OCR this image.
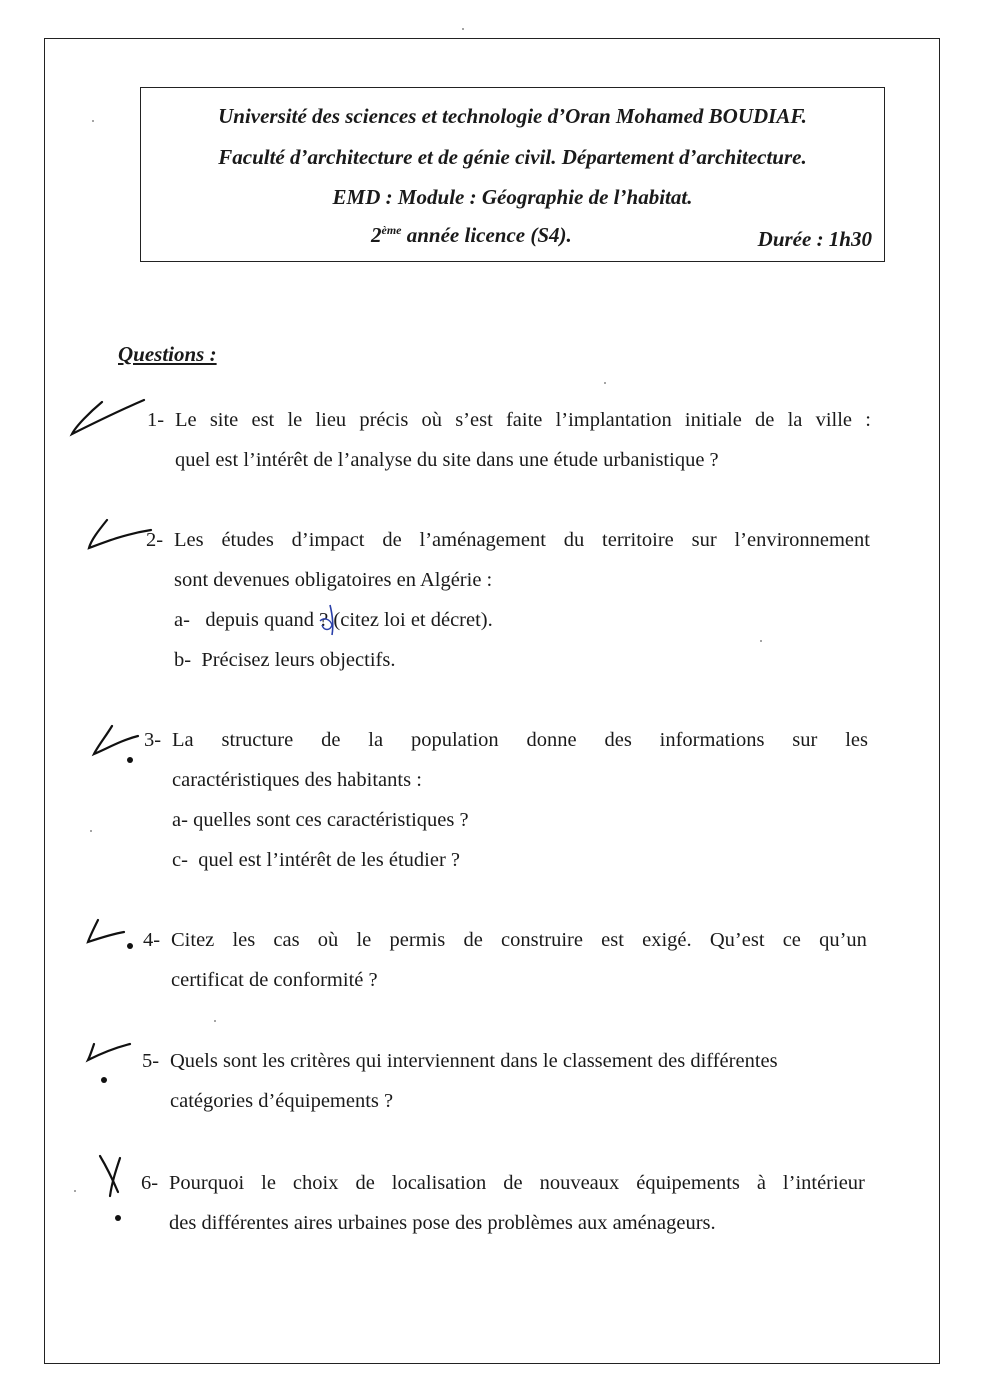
Université des sciences et technologie d’Oran Mohamed BOUDIAF.
Faculté d’architecture et de génie civil. Département d’architecture.
EMD : Module : Géographie de l’habitat.
2ème année licence (S4).	Durée : 1h30
Questions :
1- Le site est le lieu précis où s’est faite l’implantation initiale de la ville :
quel est l’intérêt de l’analyse du site dans une étude urbanistique ?
2- Les études d’impact de l’aménagement du territoire sur l’environnement
sont devenues obligatoires en Algérie :
a- depuis quand ? (citez loi et décret).
b- Précisez leurs objectifs.
3- La structure de la population donne des informations sur les
caractéristiques des habitants :
a- quelles sont ces caractéristiques ?
c- quel est l’intérêt de les étudier ?
4- Citez les cas où le permis de construire est exigé. Qu’est ce qu’un
certificat de conformité ?
5- Quels sont les critères qui interviennent dans le classement des différentes
catégories d’équipements ?
6- Pourquoi le choix de localisation de nouveaux équipements à l’intérieur
des différentes aires urbaines pose des problèmes aux aménageurs.
